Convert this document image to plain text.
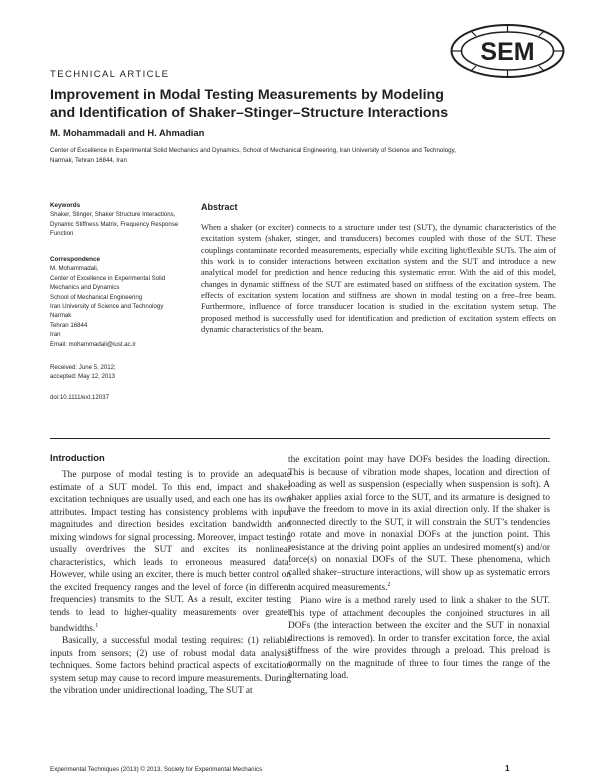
SEM
TECHNICAL ARTICLE
Improvement in Modal Testing Measurements by Modeling
and Identification of Shaker–Stinger–Structure Interactions
M. Mohammadali and H. Ahmadian
Center of Excellence in Experimental Solid Mechanics and Dynamics, School of Mechanical Engineering, Iran University of Science and Technology,
Narmak, Tehran 16844, Iran
Keywords
Shaker, Stinger, Shaker Structure Interactions, Dynamic Stiffness Matrix, Frequency Response Function
Correspondence
M. Mohammadali,
Center of Excellence in Experimental Solid Mechanics and Dynamics
School of Mechanical Engineering
Iran University of Science and Technology
Narmak
Tehran 16844
Iran
Email: mohammadali@iust.ac.ir
Received: June 5, 2012;
accepted: May 12, 2013
doi:10.1111/ext.12037
Abstract

When a shaker (or exciter) connects to a structure under test (SUT), the dynamic characteristics of the excitation system (shaker, stinger, and transducers) becomes coupled with those of the SUT. These couplings contaminate recorded measurements, especially while exciting light/flexible SUTs. The aim of this work is to consider interactions between excitation system and the SUT and introduce a new analytical model for prediction and hence reducing this systematic error. With the aid of this model, changes in dynamic stiffness of the SUT are estimated based on stiffness of the excitation system. The effects of excitation system location and stiffness are shown in modal testing on a free–free beam. Furthermore, influence of force transducer location is studied in the excitation system setup. The proposed method is successfully used for identification and prediction of excitation system effects on dynamic characteristics of the beam.

Introduction

The purpose of modal testing is to provide an adequate estimate of a SUT model. To this end, impact and shaker excitation techniques are usually used, and each one has its own attributes. Impact testing has consistency problems with input magnitudes and direction besides excitation bandwidth and mixing windows for signal processing. Moreover, impact testing usually overdrives the SUT and excites its nonlinear characteristics, which leads to erroneous measured data. However, while using an exciter, there is much better control on the excited frequency ranges and the level of force (in different frequencies) transmits to the SUT. As a result, exciter testing tends to lead to higher-quality measurements over greater bandwidths.$^1$

Basically, a successful modal testing requires: (1) reliable inputs from sensors; (2) use of robust modal data analysis techniques. Some factors behind practical aspects of excitation system setup may cause to record impure measurements. During the vibration under unidirectional loading, The SUT at

the excitation point may have DOFs besides the loading direction. This is because of vibration mode shapes, location and direction of loading as well as suspension (especially when suspension is soft). A shaker applies axial force to the SUT, and its armature is designed to have the freedom to move in its axial direction only. If the shaker is connected directly to the SUT, it will constrain the SUT’s tendencies to rotate and move in nonaxial DOFs at the junction point. This resistance at the driving point applies an undesired moment(s) and/or force(s) on nonaxial DOFs of the SUT. These phenomena, which called shaker–structure interactions, will show up as systematic errors in acquired measurements.$^2$

Piano wire is a method rarely used to link a shaker to the SUT. This type of attachment decouples the conjoined structures in all DOFs (the interaction between the exciter and the SUT in nonaxial directions is removed). In order to transfer excitation force, the axial stiffness of the wire provides through a preload. This preload is normally on the magnitude of three to four times the range of the alternating load.

Experimental Techniques (2013) © 2013, Society for Experimental Mechanics	1
